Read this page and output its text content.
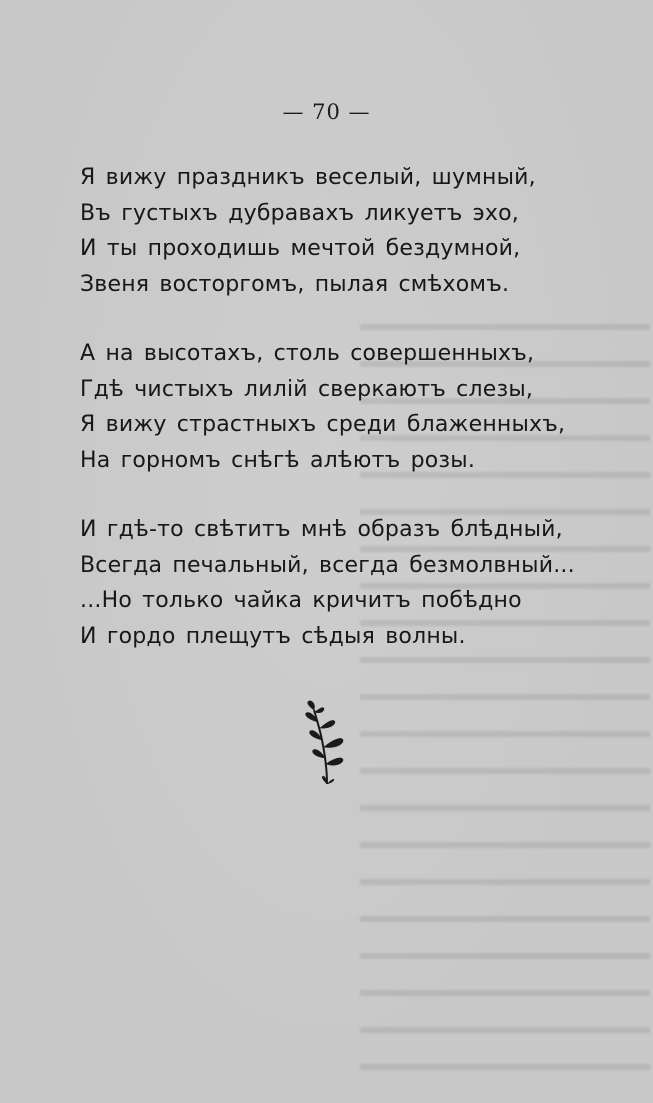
— 70 —
Я вижу праздникъ веселый, шумный,
Въ густыхъ дубравахъ ликуетъ эхо,
И ты проходишь мечтой бездумной,
Звеня восторгомъ, пылая смѣхомъ.
А на высотахъ, столь совершенныхъ,
Гдѣ чистыхъ лилій сверкаютъ слезы,
Я вижу страстныхъ среди блаженныхъ,
На горномъ снѣгѣ алѣютъ розы.
И гдѣ-то свѣтитъ мнѣ образъ блѣдный,
Всегда печальный, всегда безмолвный...
...Но только чайка кричитъ побѣдно
И гордо плещутъ сѣдыя волны.
